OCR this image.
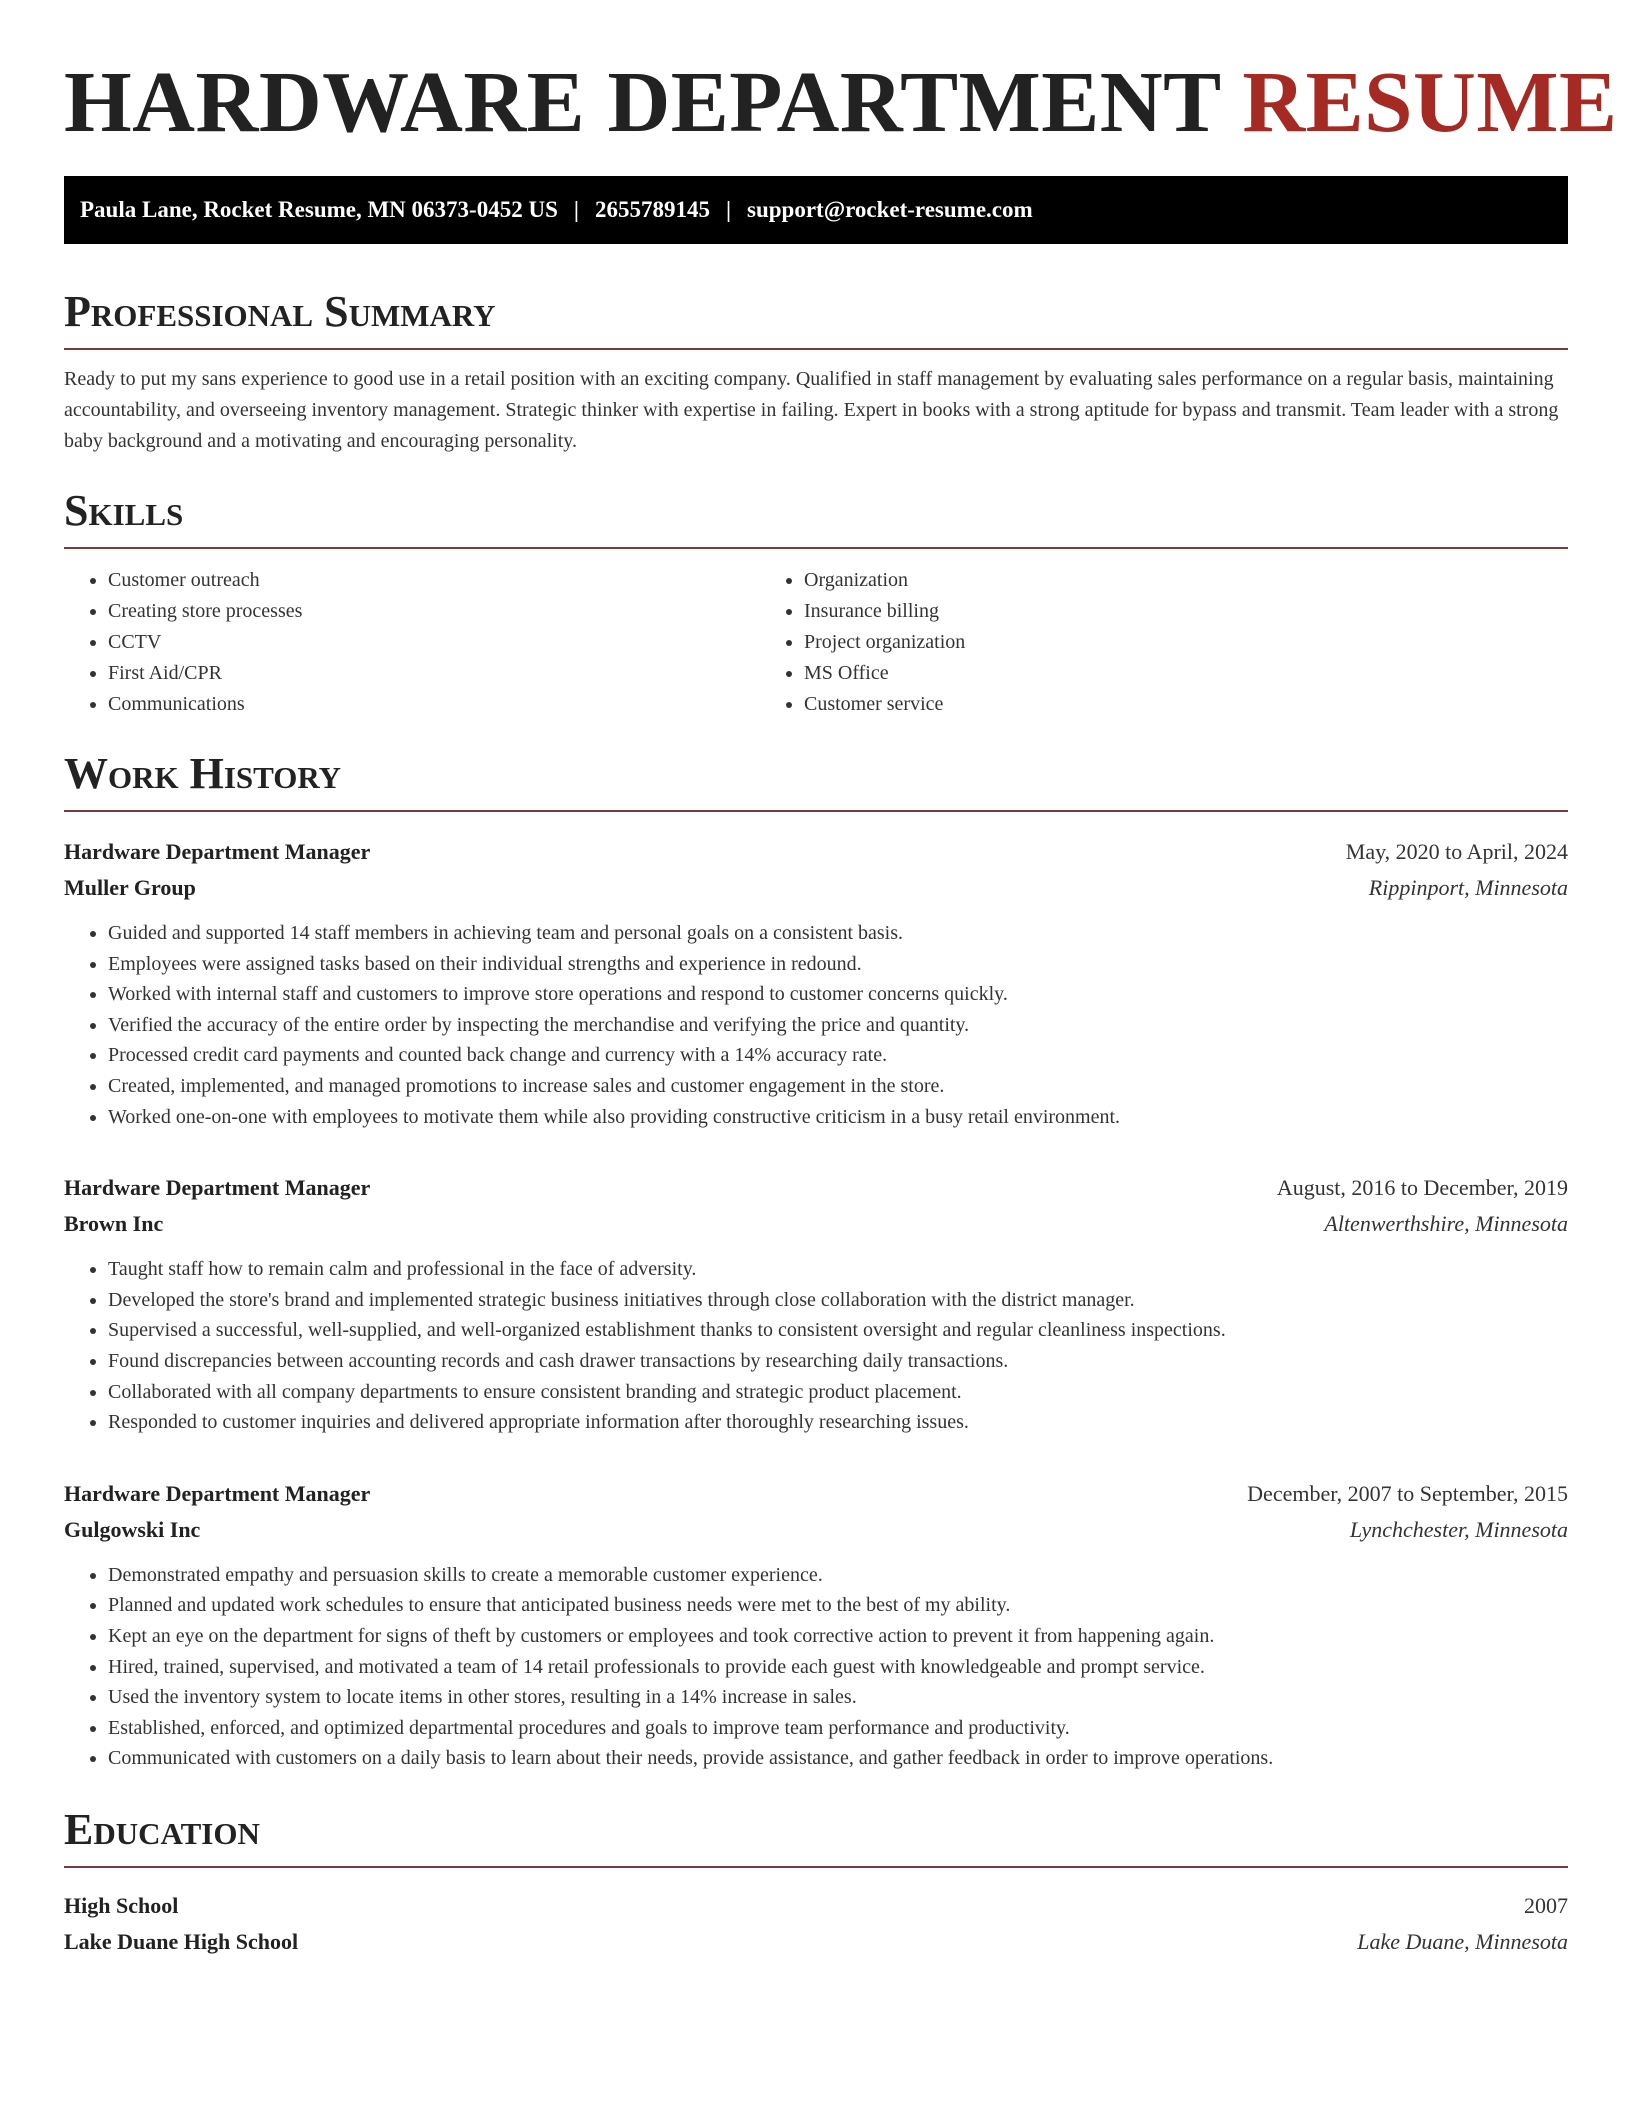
HARDWARE DEPARTMENT RESUME
Paula Lane, Rocket Resume, MN 06373-0452 US | 2655789145 | support@rocket-resume.com
Professional Summary

Ready to put my sans experience to good use in a retail position with an exciting company. Qualified in staff management by evaluating sales performance on a regular basis, maintaining accountability, and overseeing inventory management. Strategic thinker with expertise in failing. Expert in books with a strong aptitude for bypass and transmit. Team leader with a strong baby background and a motivating and encouraging personality.

Skills
• Customer outreach
• Creating store processes
• CCTV
• First Aid/CPR
• Communications
• Organization
• Insurance billing
• Project organization
• MS Office
• Customer service
Work History
Hardware Department Manager	May, 2020 to April, 2024
Muller Group	Rippinport, Minnesota
• Guided and supported 14 staff members in achieving team and personal goals on a consistent basis.
• Employees were assigned tasks based on their individual strengths and experience in redound.
• Worked with internal staff and customers to improve store operations and respond to customer concerns quickly.
• Verified the accuracy of the entire order by inspecting the merchandise and verifying the price and quantity.
• Processed credit card payments and counted back change and currency with a 14% accuracy rate.
• Created, implemented, and managed promotions to increase sales and customer engagement in the store.
• Worked one-on-one with employees to motivate them while also providing constructive criticism in a busy retail environment.
Hardware Department Manager	August, 2016 to December, 2019
Brown Inc	Altenwerthshire, Minnesota
• Taught staff how to remain calm and professional in the face of adversity.
• Developed the store's brand and implemented strategic business initiatives through close collaboration with the district manager.
• Supervised a successful, well-supplied, and well-organized establishment thanks to consistent oversight and regular cleanliness inspections.
• Found discrepancies between accounting records and cash drawer transactions by researching daily transactions.
• Collaborated with all company departments to ensure consistent branding and strategic product placement.
• Responded to customer inquiries and delivered appropriate information after thoroughly researching issues.
Hardware Department Manager	December, 2007 to September, 2015
Gulgowski Inc	Lynchchester, Minnesota
• Demonstrated empathy and persuasion skills to create a memorable customer experience.
• Planned and updated work schedules to ensure that anticipated business needs were met to the best of my ability.
• Kept an eye on the department for signs of theft by customers or employees and took corrective action to prevent it from happening again.
• Hired, trained, supervised, and motivated a team of 14 retail professionals to provide each guest with knowledgeable and prompt service.
• Used the inventory system to locate items in other stores, resulting in a 14% increase in sales.
• Established, enforced, and optimized departmental procedures and goals to improve team performance and productivity.
• Communicated with customers on a daily basis to learn about their needs, provide assistance, and gather feedback in order to improve operations.
Education
High School	2007
Lake Duane High School	Lake Duane, Minnesota
